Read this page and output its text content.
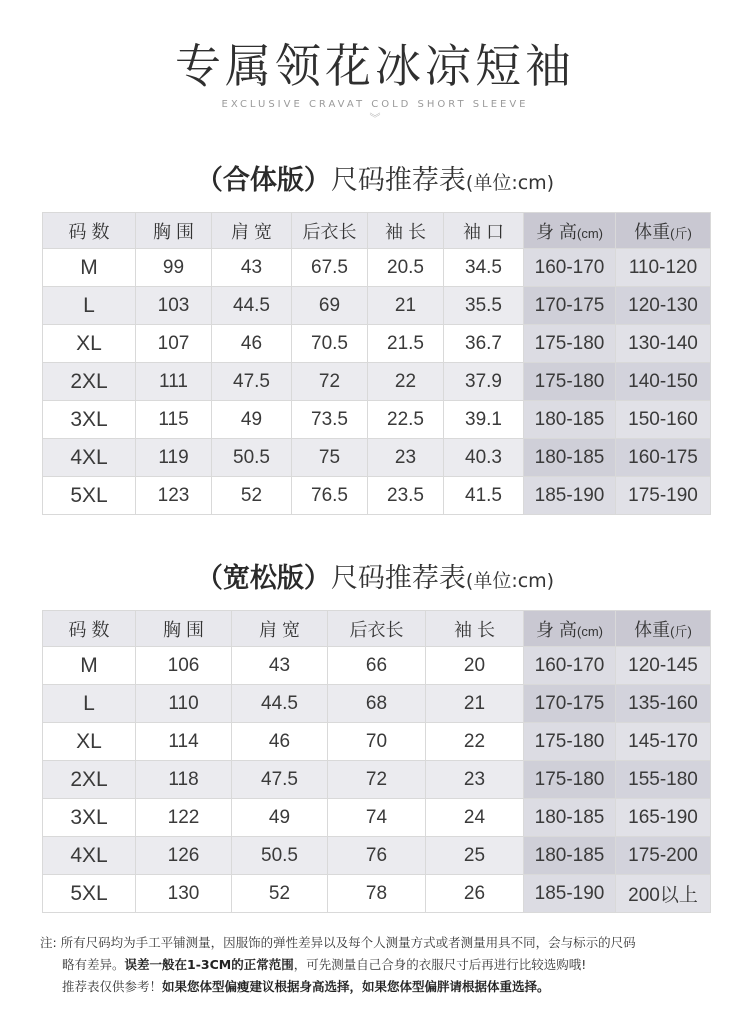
专属领花冰凉短袖
EXCLUSIVE CRAVAT COLD SHORT SLEEVE
︾
（合体版）尺码推荐表(单位:cm)
码 数	胸 围	肩 宽	后衣长	袖 长	袖 口	身 高(cm)	体重(斤)
M	99	43	67.5	20.5	34.5	160-170	110-120
L	103	44.5	69	21	35.5	170-175	120-130
XL	107	46	70.5	21.5	36.7	175-180	130-140
2XL	111	47.5	72	22	37.9	175-180	140-150
3XL	115	49	73.5	22.5	39.1	180-185	150-160
4XL	119	50.5	75	23	40.3	180-185	160-175
5XL	123	52	76.5	23.5	41.5	185-190	175-190
（宽松版）尺码推荐表(单位:cm)
码 数	胸 围	肩 宽	后衣长	袖 长	身 高(cm)	体重(斤)
M	106	43	66	20	160-170	120-145
L	110	44.5	68	21	170-175	135-160
XL	114	46	70	22	175-180	145-170
2XL	118	47.5	72	23	175-180	155-180
3XL	122	49	74	24	180-185	165-190
4XL	126	50.5	76	25	180-185	175-200
5XL	130	52	78	26	185-190	200以上
注: 所有尺码均为手工平铺测量，因服饰的弹性差异以及每个人测量方式或者测量用具不同，会与标示的尺码
略有差异。误差一般在1-3CM的正常范围，可先测量自己合身的衣服尺寸后再进行比较选购哦!
推荐表仅供参考！如果您体型偏瘦建议根据身高选择，如果您体型偏胖请根据体重选择。
